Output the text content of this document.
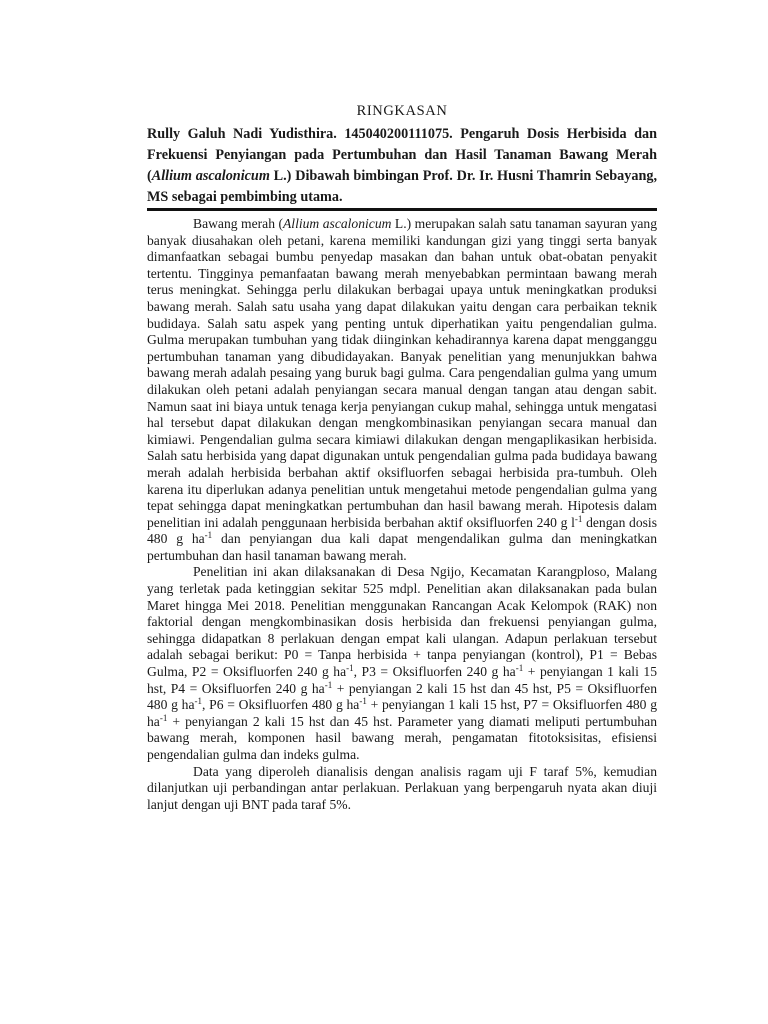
RINGKASAN
Rully Galuh Nadi Yudisthira. 145040200111075. Pengaruh Dosis Herbisida dan Frekuensi Penyiangan pada Pertumbuhan dan Hasil Tanaman Bawang Merah (Allium ascalonicum L.) Dibawah bimbingan Prof. Dr. Ir. Husni Thamrin Sebayang, MS sebagai pembimbing utama.

Bawang merah (Allium ascalonicum L.) merupakan salah satu tanaman sayuran yang banyak diusahakan oleh petani, karena memiliki kandungan gizi yang tinggi serta banyak dimanfaatkan sebagai bumbu penyedap masakan dan bahan untuk obat-obatan penyakit tertentu. Tingginya pemanfaatan bawang merah menyebabkan permintaan bawang merah terus meningkat. Sehingga perlu dilakukan berbagai upaya untuk meningkatkan produksi bawang merah. Salah satu usaha yang dapat dilakukan yaitu dengan cara perbaikan teknik budidaya. Salah satu aspek yang penting untuk diperhatikan yaitu pengendalian gulma. Gulma merupakan tumbuhan yang tidak diinginkan kehadirannya karena dapat mengganggu pertumbuhan tanaman yang dibudidayakan. Banyak penelitian yang menunjukkan bahwa bawang merah adalah pesaing yang buruk bagi gulma. Cara pengendalian gulma yang umum dilakukan oleh petani adalah penyiangan secara manual dengan tangan atau dengan sabit. Namun saat ini biaya untuk tenaga kerja penyiangan cukup mahal, sehingga untuk mengatasi hal tersebut dapat dilakukan dengan mengkombinasikan penyiangan secara manual dan kimiawi. Pengendalian gulma secara kimiawi dilakukan dengan mengaplikasikan herbisida. Salah satu herbisida yang dapat digunakan untuk pengendalian gulma pada budidaya bawang merah adalah herbisida berbahan aktif oksifluorfen sebagai herbisida pra-tumbuh. Oleh karena itu diperlukan adanya penelitian untuk mengetahui metode pengendalian gulma yang tepat sehingga dapat meningkatkan pertumbuhan dan hasil bawang merah. Hipotesis dalam penelitian ini adalah penggunaan herbisida berbahan aktif oksifluorfen 240 g $l^{-1}$ dengan dosis 480 g $ha^{-1}$ dan penyiangan dua kali dapat mengendalikan gulma dan meningkatkan pertumbuhan dan hasil tanaman bawang merah.

Penelitian ini akan dilaksanakan di Desa Ngijo, Kecamatan Karangploso, Malang yang terletak pada ketinggian sekitar 525 mdpl. Penelitian akan dilaksanakan pada bulan Maret hingga Mei 2018. Penelitian menggunakan Rancangan Acak Kelompok (RAK) non faktorial dengan mengkombinasikan dosis herbisida dan frekuensi penyiangan gulma, sehingga didapatkan 8 perlakuan dengan empat kali ulangan. Adapun perlakuan tersebut adalah sebagai berikut: P0 = Tanpa herbisida + tanpa penyiangan (kontrol), P1 = Bebas Gulma, P2 = Oksifluorfen 240 g $ha^{-1}$, P3 = Oksifluorfen 240 g $ha^{-1}$ + penyiangan 1 kali 15 hst, P4 = Oksifluorfen 240 g $ha^{-1}$ + penyiangan 2 kali 15 hst dan 45 hst, P5 = Oksifluorfen 480 g $ha^{-1}$, P6 = Oksifluorfen 480 g $ha^{-1}$ + penyiangan 1 kali 15 hst, P7 = Oksifluorfen 480 g $ha^{-1}$ + penyiangan 2 kali 15 hst dan 45 hst. Parameter yang diamati meliputi pertumbuhan bawang merah, komponen hasil bawang merah, pengamatan fitotoksisitas, efisiensi pengendalian gulma dan indeks gulma.

Data yang diperoleh dianalisis dengan analisis ragam uji F taraf 5%, kemudian dilanjutkan uji perbandingan antar perlakuan. Perlakuan yang berpengaruh nyata akan diuji lanjut dengan uji BNT pada taraf 5%.
